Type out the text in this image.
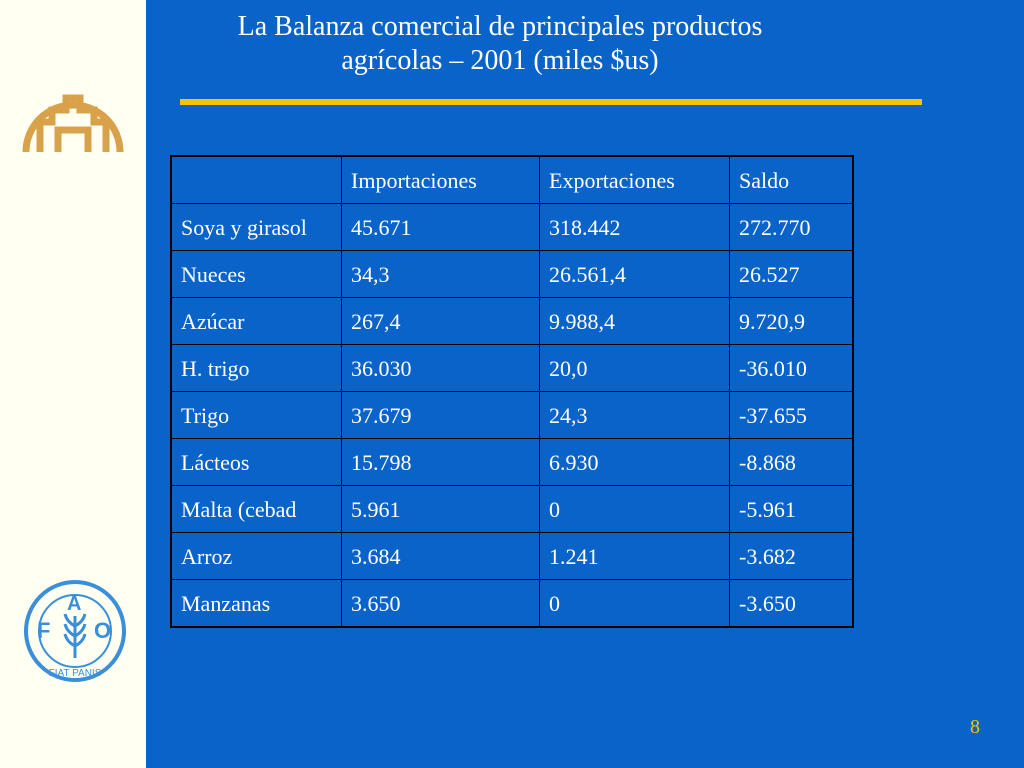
F
A
O
FIAT PANIS
La Balanza comercial de principales productos
agrícolas – 2001 (miles $us)
	Importaciones	Exportaciones	Saldo
Soya y girasol	45.671	318.442	272.770
Nueces	34,3	26.561,4	26.527
Azúcar	267,4	9.988,4	9.720,9
H. trigo	36.030	20,0	-36.010
Trigo	37.679	24,3	-37.655
Lácteos	15.798	6.930	-8.868
Malta (cebad	5.961	0	-5.961
Arroz	3.684	1.241	-3.682
Manzanas	3.650	0	-3.650
8
